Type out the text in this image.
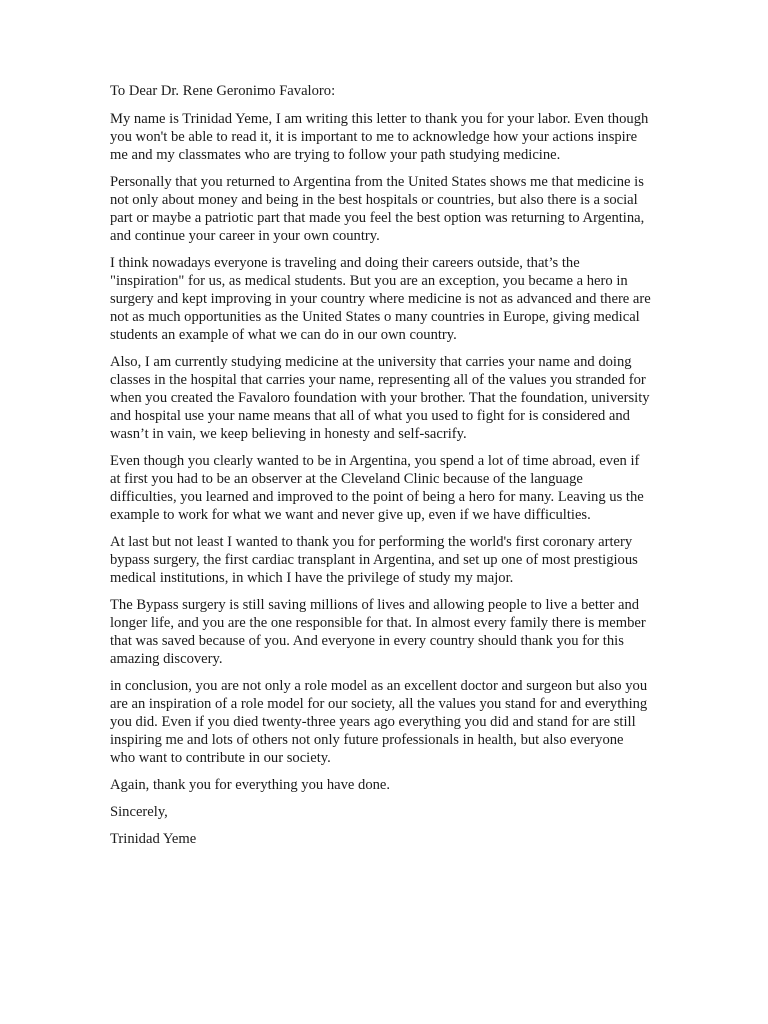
To Dear Dr. Rene Geronimo Favaloro:

My name is Trinidad Yeme, I am writing this letter to thank you for your labor. Even though you won't be able to read it, it is important to me to acknowledge how your actions inspire me and my classmates who are trying to follow your path studying medicine.

Personally that you returned to Argentina from the United States shows me that medicine is not only about money and being in the best hospitals or countries, but also there is a social part or maybe a patriotic part that made you feel the best option was returning to Argentina, and continue your career in your own country.

I think nowadays everyone is traveling and doing their careers outside, that’s the "inspiration" for us, as medical students. But you are an exception, you became a hero in surgery and kept improving in your country where medicine is not as advanced and there are not as much opportunities as the United States o many countries in Europe, giving medical students an example of what we can do in our own country.

Also, I am currently studying medicine at the university that carries your name and doing classes in the hospital that carries your name, representing all of the values you stranded for when you created the Favaloro foundation with your brother. That the foundation, university and hospital use your name means that all of what you used to fight for is considered and wasn’t in vain, we keep believing in honesty and self-sacrify.

Even though you clearly wanted to be in Argentina, you spend a lot of time abroad, even if at first you had to be an observer at the Cleveland Clinic because of the language difficulties, you learned and improved to the point of being a hero for many. Leaving us the example to work for what we want and never give up, even if we have difficulties.

At last but not least I wanted to thank you for performing the world's first coronary artery bypass surgery, the first cardiac transplant in Argentina, and set up one of most prestigious medical institutions, in which I have the privilege of study my major.

The Bypass surgery is still saving millions of lives and allowing people to live a better and longer life, and you are the one responsible for that. In almost every family there is member that was saved because of you. And everyone in every country should thank you for this amazing discovery.

in conclusion, you are not only a role model as an excellent doctor and surgeon but also you are an inspiration of a role model for our society, all the values you stand for and everything you did. Even if you died twenty-three years ago everything you did and stand for are still inspiring me and lots of others not only future professionals in health, but also everyone who want to contribute in our society.

Again, thank you for everything you have done.

Sincerely,

Trinidad Yeme
